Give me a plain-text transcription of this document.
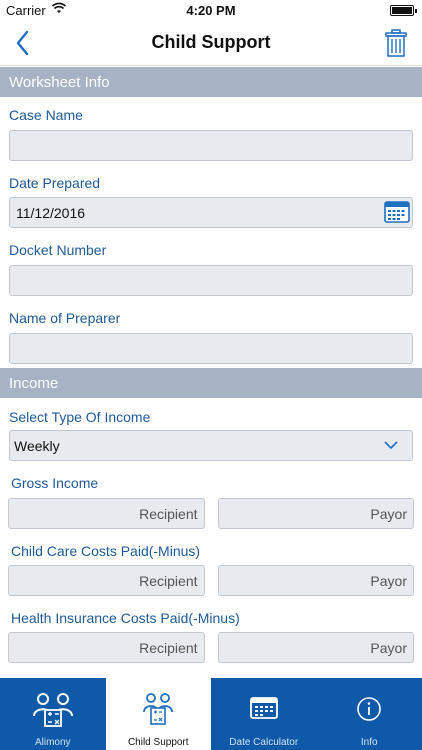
Carrier	4:20 PM
Child Support
Worksheet Info
Case Name
Date Prepared
11/12/2016
Docket Number
Name of Preparer
Income
Select Type Of Income
Weekly
Gross Income
Recipient	Payor
Child Care Costs Paid(-Minus)
Recipient	Payor
Health Insurance Costs Paid(-Minus)
Recipient	Payor
Alimony	Child Support	Date Calculator	Info
